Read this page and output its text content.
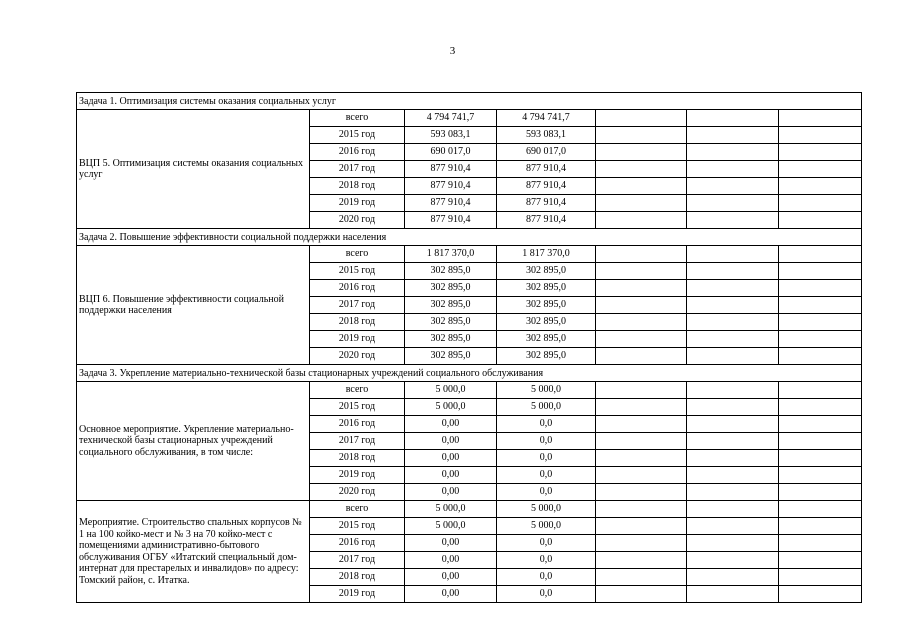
3
Задача 1. Оптимизация системы оказания социальных услуг						
ВЦП 5. Оптимизация системы оказания социальных услуг	всего	4 794 741,7	4 794 741,7			
	2015 год	593 083,1	593 083,1			
	2016 год	690 017,0	690 017,0			
	2017 год	877 910,4	877 910,4			
	2018 год	877 910,4	877 910,4			
	2019 год	877 910,4	877 910,4			
	2020 год	877 910,4	877 910,4			
Задача 2. Повышение эффективности социальной поддержки населения						
ВЦП 6. Повышение эффективности социальной поддержки населения	всего	1 817 370,0	1 817 370,0			
	2015 год	302 895,0	302 895,0			
	2016 год	302 895,0	302 895,0			
	2017 год	302 895,0	302 895,0			
	2018 год	302 895,0	302 895,0			
	2019 год	302 895,0	302 895,0			
	2020 год	302 895,0	302 895,0			
Задача 3. Укрепление материально-технической базы стационарных учреждений социального обслуживания						
Основное мероприятие. Укрепление материально-технической базы стационарных учреждений социального обслуживания, в том числе:	всего	5 000,0	5 000,0			
	2015 год	5 000,0	5 000,0			
	2016 год	0,00	0,0			
	2017 год	0,00	0,0			
	2018 год	0,00	0,0			
	2019 год	0,00	0,0			
	2020 год	0,00	0,0			
Мероприятие. Строительство спальных корпусов № 1 на 100 койко-мест и № 3 на 70 койко-мест с помещениями административно-бытового обслуживания ОГБУ «Итатский специальный дом-интернат для престарелых и инвалидов» по адресу: Томский район, с. Итатка.	всего	5 000,0	5 000,0			
	2015 год	5 000,0	5 000,0			
	2016 год	0,00	0,0			
	2017 год	0,00	0,0			
	2018 год	0,00	0,0			
	2019 год	0,00	0,0			
